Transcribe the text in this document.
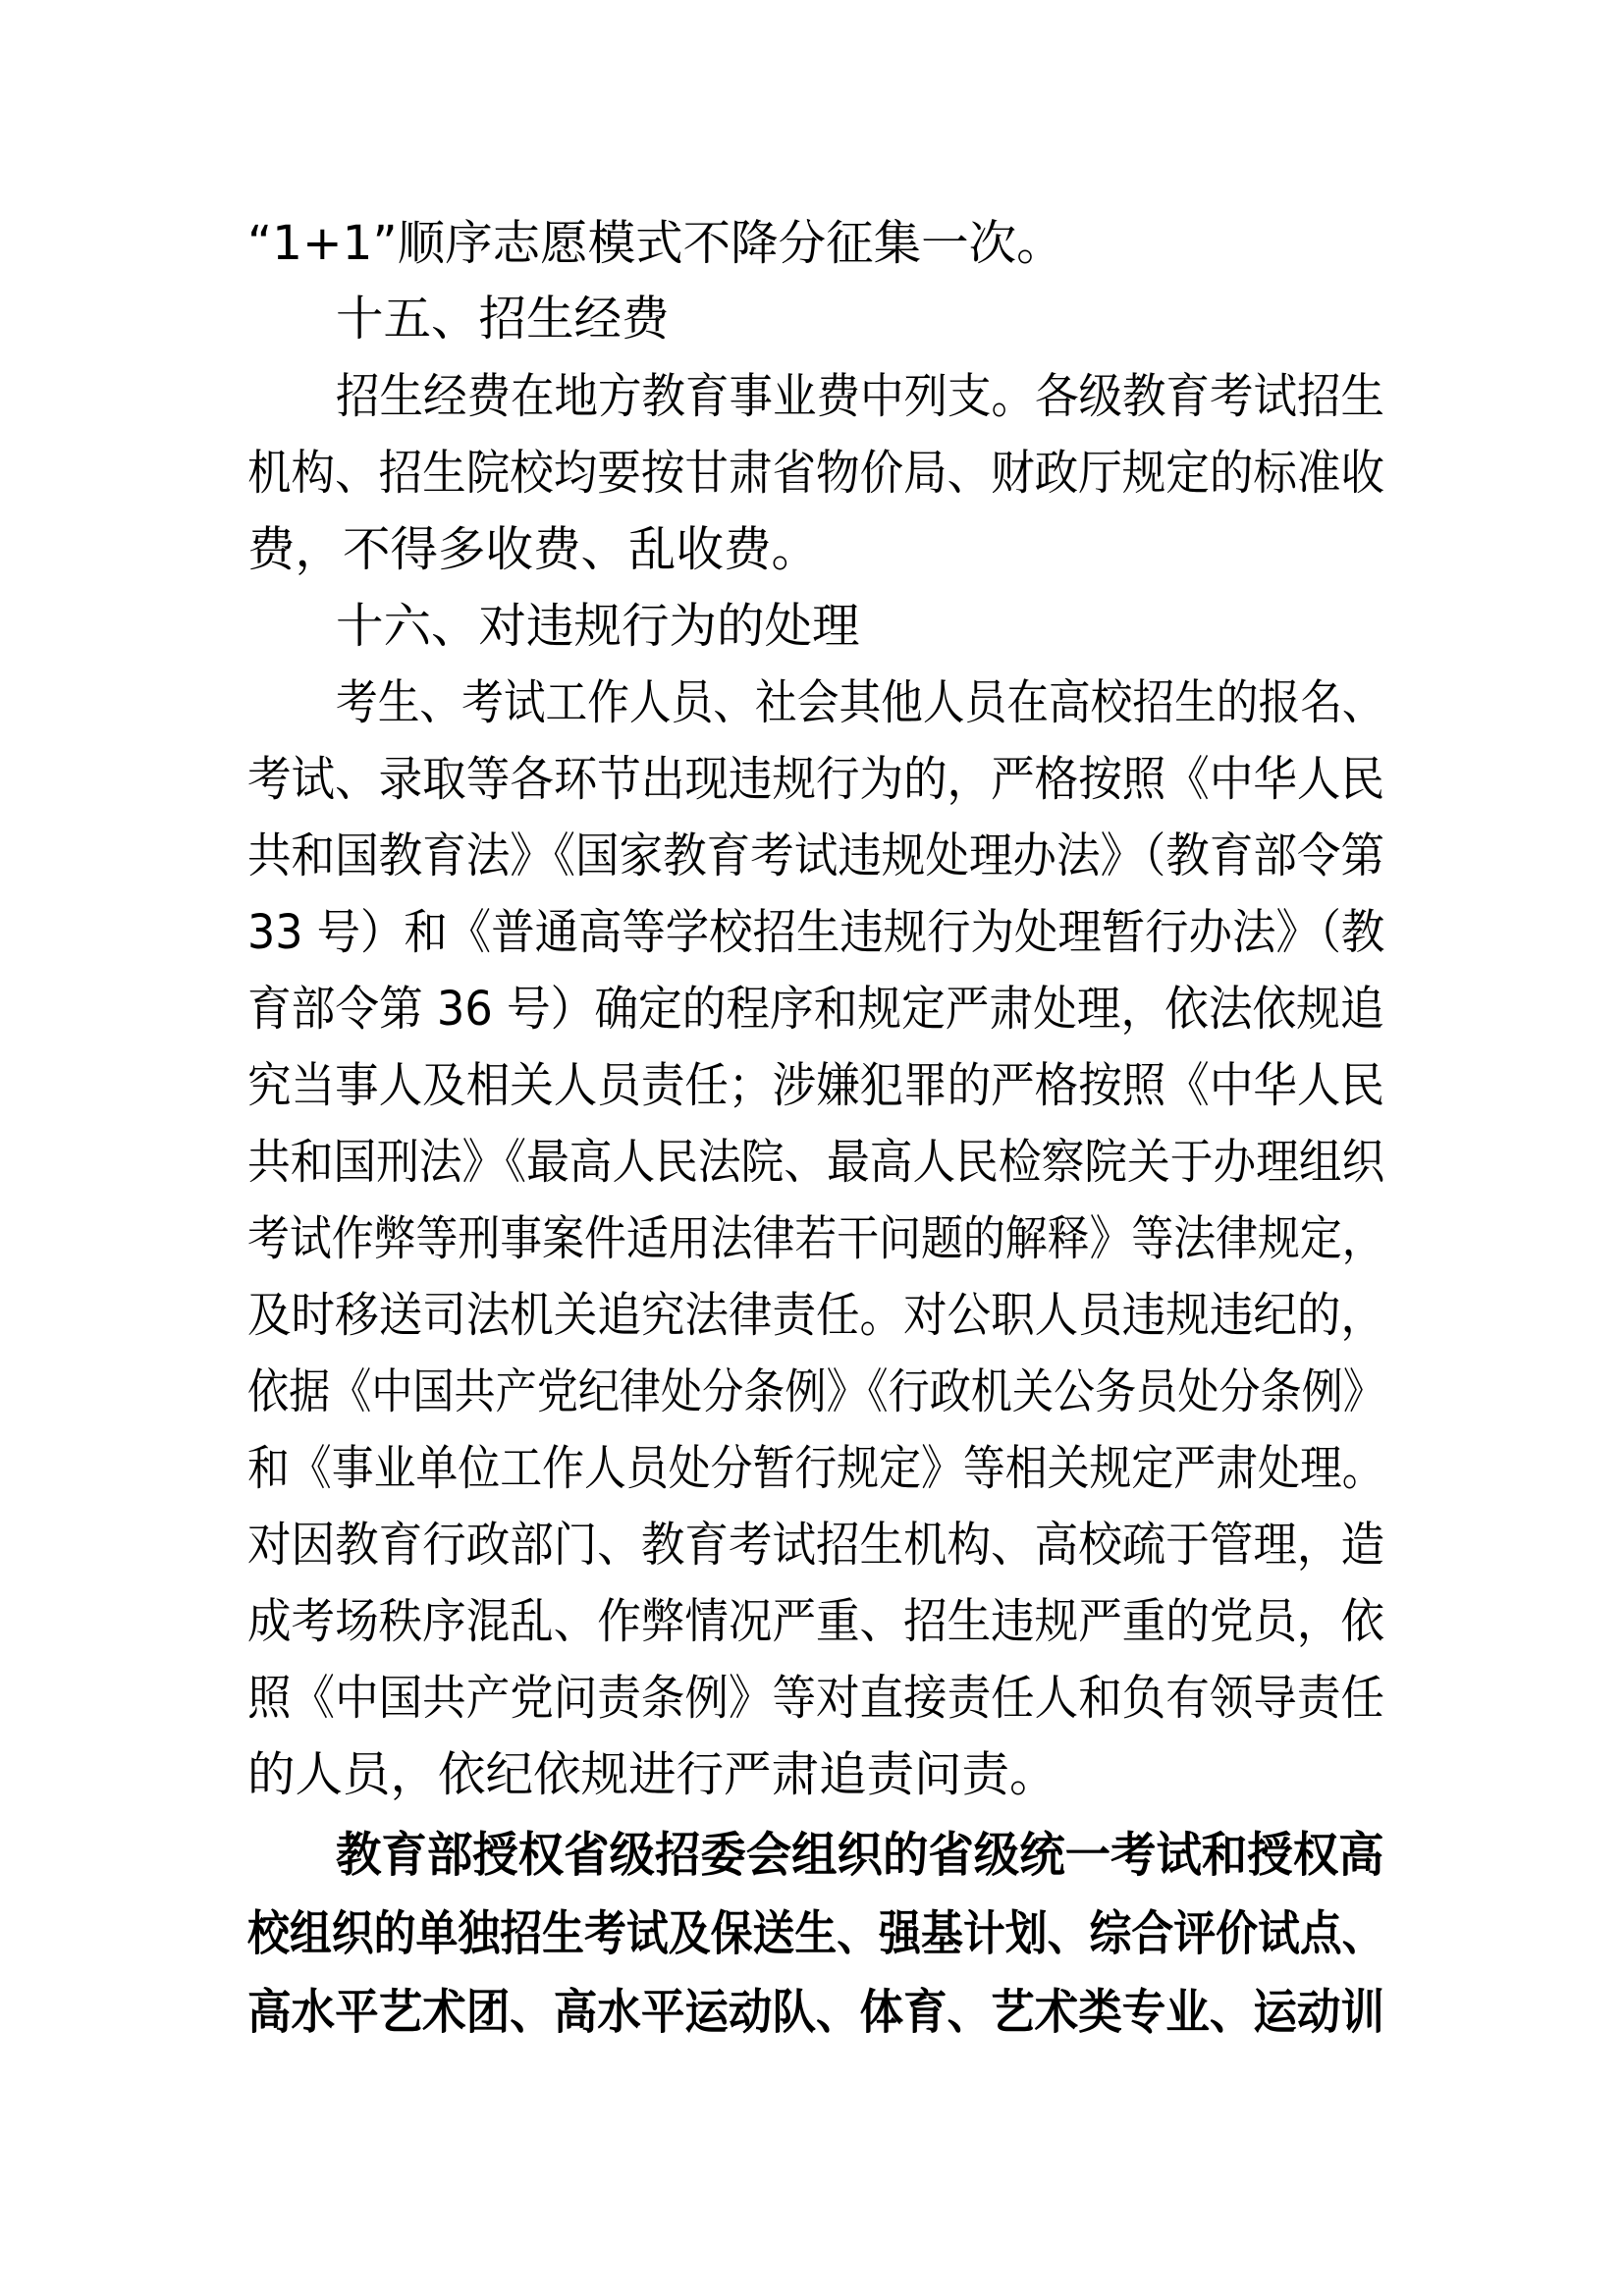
“1+1”顺序志愿模式不降分征集一次。
十五、招生经费
招生经费在地方教育事业费中列支。各级教育考试招生
机构、招生院校均要按甘肃省物价局、财政厅规定的标准收
费，不得多收费、乱收费。
十六、对违规行为的处理
考生、考试工作人员、社会其他人员在高校招生的报名、
考试、录取等各环节出现违规行为的，严格按照《中华人民
共和国教育法》《国家教育考试违规处理办法》（教育部令第
33 号）和《普通高等学校招生违规行为处理暂行办法》（教
育部令第 36 号）确定的程序和规定严肃处理，依法依规追
究当事人及相关人员责任；涉嫌犯罪的严格按照《中华人民
共和国刑法》《最高人民法院、最高人民检察院关于办理组织
考试作弊等刑事案件适用法律若干问题的解释》等法律规定，
及时移送司法机关追究法律责任。对公职人员违规违纪的，
依据《中国共产党纪律处分条例》《行政机关公务员处分条例》
和《事业单位工作人员处分暂行规定》等相关规定严肃处理。
对因教育行政部门、教育考试招生机构、高校疏于管理，造
成考场秩序混乱、作弊情况严重、招生违规严重的党员，依
照《中国共产党问责条例》等对直接责任人和负有领导责任
的人员，依纪依规进行严肃追责问责。
教育部授权省级招委会组织的省级统一考试和授权高
校组织的单独招生考试及保送生、强基计划、综合评价试点、
高水平艺术团、高水平运动队、体育、艺术类专业、运动训
